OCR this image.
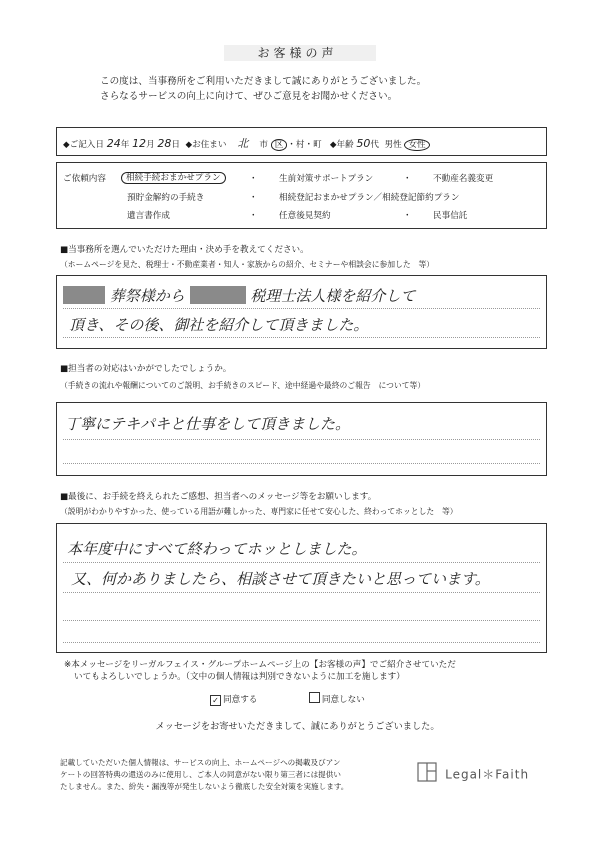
お客様の声
この度は、当事務所をご利用いただきまして誠にありがとうございました。
さらなるサービスの向上に向けて、ぜひご意見をお聞かせください。
◆ご記入日 24年 12月 28日 ◆お住まい 北 市 区 ・村・町 ◆年齢 50代 男性 女性
ご依頼内容	相続手続おまかせプラン	・ 生前対策サポートプラン	・ 不動産名義変更
預貯金解約の手続き	・ 相続登記おまかせプラン／相続登記節約プラン
遺言書作成	・ 任意後見契約	・ 民事信託
■当事務所を選んでいただけた理由・決め手を教えてください。
（ホームページを見た、税理士・不動産業者・知人・家族からの紹介、セミナーや相談会に参加した　等）
葬祭様から	税理士法人様を紹介して
頂き、その後、御社を紹介して頂きました。
■担当者の対応はいかがでしたでしょうか。
（手続きの流れや報酬についてのご説明、お手続きのスピード、途中経過や最終のご報告　について等）
丁寧にテキパキと仕事をして頂きました。
■最後に、お手続を終えられたご感想、担当者へのメッセージ等をお願いします。
（説明がわかりやすかった、使っている用語が難しかった、専門家に任せて安心した、終わってホッとした　等）
本年度中にすべて終わってホッとしました。
又、何かありましたら、相談させて頂きたいと思っています。
※本メッセージをリーガルフェイス・グループホームページ上の【お客様の声】でご紹介させていただ
いてもよろしいでしょうか。（文中の個人情報は判別できないように加工を施します）
✓ 同意する	同意しない
メッセージをお寄せいただきまして、誠にありがとうございました。
記載していただいた個人情報は、サービスの向上、ホームページへの掲載及びアン
ケートの回答特典の還送のみに使用し、ご本人の同意がない限り第三者には提供い
たしません。また、紛失・漏洩等が発生しないよう徹底した安全対策を実施します。
Legal＊Faith
